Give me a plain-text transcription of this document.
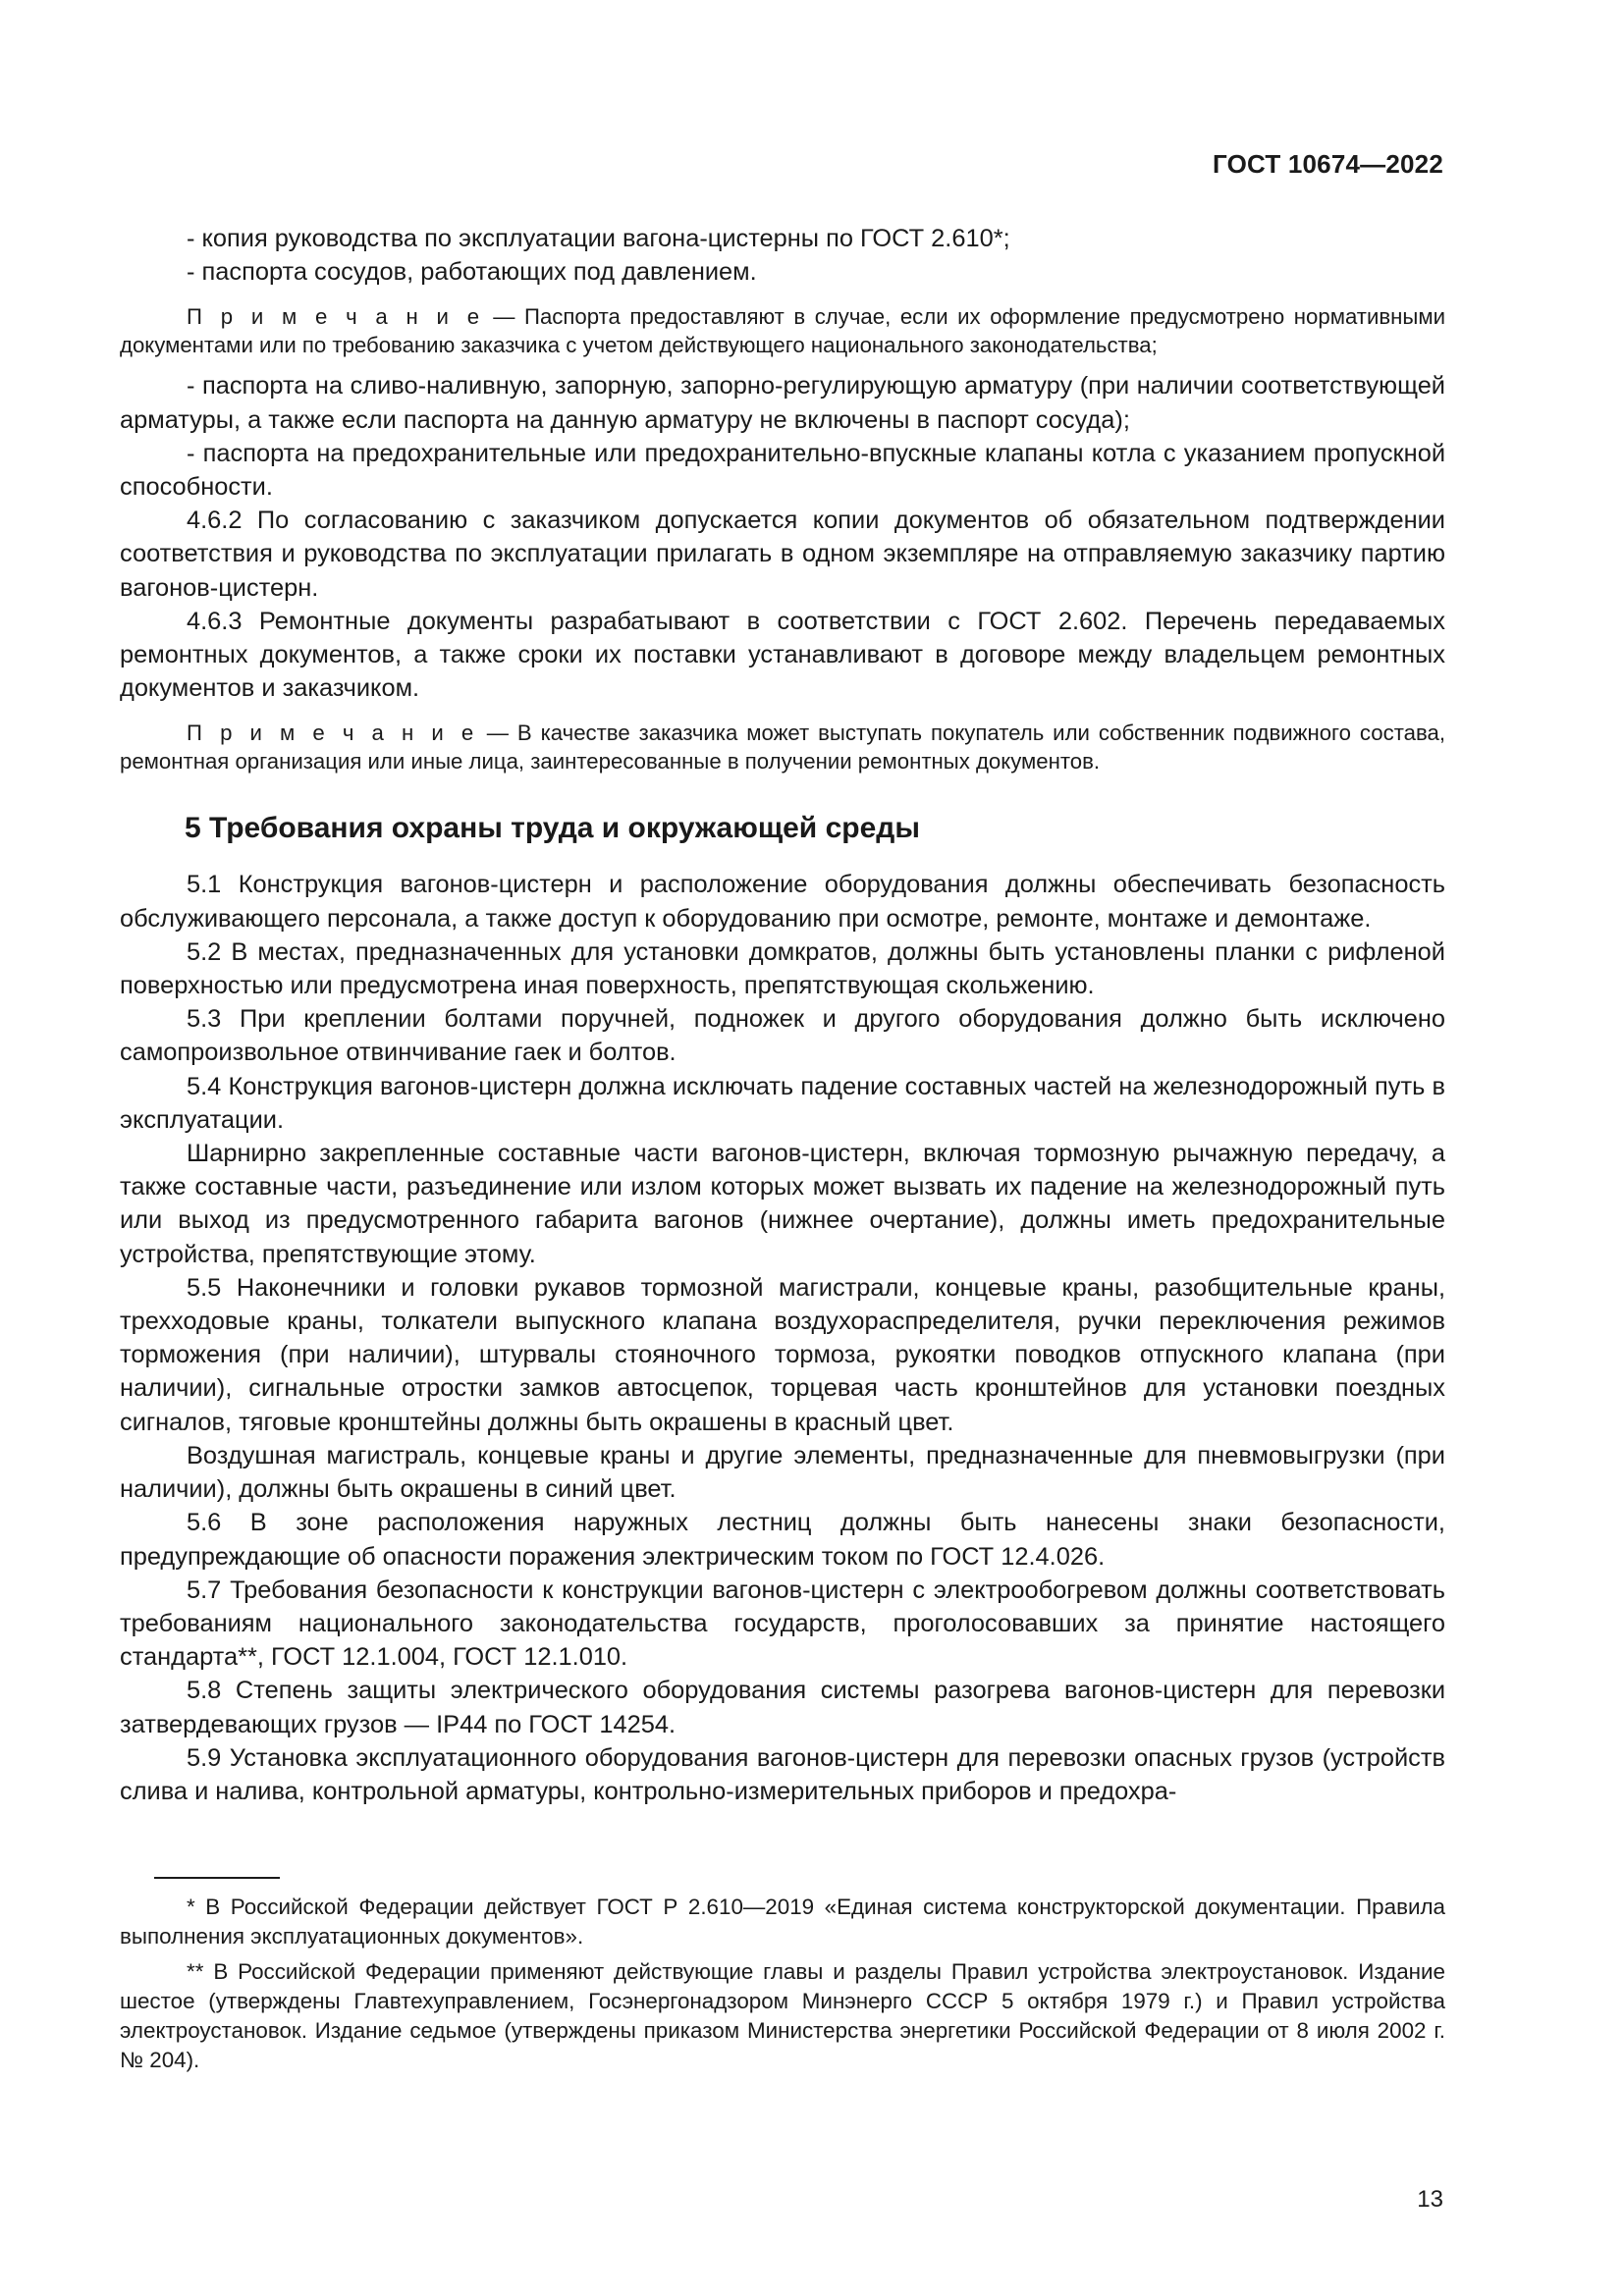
ГОСТ 10674—2022

- копия руководства по эксплуатации вагона-цистерны по ГОСТ 2.610*;

- паспорта сосудов, работающих под давлением.

П р и м е ч а н и е — Паспорта предоставляют в случае, если их оформление предусмотрено нормативными документами или по требованию заказчика с учетом действующего национального законодательства;

- паспорта на сливо-наливную, запорную, запорно-регулирующую арматуру (при наличии соответствующей арматуры, а также если паспорта на данную арматуру не включены в паспорт сосуда);

- паспорта на предохранительные или предохранительно-впускные клапаны котла с указанием пропускной способности.

4.6.2 По согласованию с заказчиком допускается копии документов об обязательном подтверждении соответствия и руководства по эксплуатации прилагать в одном экземпляре на отправляемую заказчику партию вагонов-цистерн.

4.6.3 Ремонтные документы разрабатывают в соответствии с ГОСТ 2.602. Перечень передаваемых ремонтных документов, а также сроки их поставки устанавливают в договоре между владельцем ремонтных документов и заказчиком.

П р и м е ч а н и е — В качестве заказчика может выступать покупатель или собственник подвижного состава, ремонтная организация или иные лица, заинтересованные в получении ремонтных документов.

5 Требования охраны труда и окружающей среды

5.1 Конструкция вагонов-цистерн и расположение оборудования должны обеспечивать безопасность обслуживающего персонала, а также доступ к оборудованию при осмотре, ремонте, монтаже и демонтаже.

5.2 В местах, предназначенных для установки домкратов, должны быть установлены планки с рифленой поверхностью или предусмотрена иная поверхность, препятствующая скольжению.

5.3 При креплении болтами поручней, подножек и другого оборудования должно быть исключено самопроизвольное отвинчивание гаек и болтов.

5.4 Конструкция вагонов-цистерн должна исключать падение составных частей на железнодорожный путь в эксплуатации.

Шарнирно закрепленные составные части вагонов-цистерн, включая тормозную рычажную передачу, а также составные части, разъединение или излом которых может вызвать их падение на железнодорожный путь или выход из предусмотренного габарита вагонов (нижнее очертание), должны иметь предохранительные устройства, препятствующие этому.

5.5 Наконечники и головки рукавов тормозной магистрали, концевые краны, разобщительные краны, трехходовые краны, толкатели выпускного клапана воздухораспределителя, ручки переключения режимов торможения (при наличии), штурвалы стояночного тормоза, рукоятки поводков отпускного клапана (при наличии), сигнальные отростки замков автосцепок, торцевая часть кронштейнов для установки поездных сигналов, тяговые кронштейны должны быть окрашены в красный цвет.

Воздушная магистраль, концевые краны и другие элементы, предназначенные для пневмовыгрузки (при наличии), должны быть окрашены в синий цвет.

5.6 В зоне расположения наружных лестниц должны быть нанесены знаки безопасности, предупреждающие об опасности поражения электрическим током по ГОСТ 12.4.026.

5.7 Требования безопасности к конструкции вагонов-цистерн с электрообогревом должны соответствовать требованиям национального законодательства государств, проголосовавших за принятие настоящего стандарта**, ГОСТ 12.1.004, ГОСТ 12.1.010.

5.8 Степень защиты электрического оборудования системы разогрева вагонов-цистерн для перевозки затвердевающих грузов — IP44 по ГОСТ 14254.

5.9 Установка эксплуатационного оборудования вагонов-цистерн для перевозки опасных грузов (устройств слива и налива, контрольной арматуры, контрольно-измерительных приборов и предохра-

* В Российской Федерации действует ГОСТ Р 2.610—2019 «Единая система конструкторской документации. Правила выполнения эксплуатационных документов».

** В Российской Федерации применяют действующие главы и разделы Правил устройства электроустановок. Издание шестое (утверждены Главтехуправлением, Госэнергонадзором Минэнерго СССР 5 октября 1979 г.) и Правил устройства электроустановок. Издание седьмое (утверждены приказом Министерства энергетики Российской Федерации от 8 июля 2002 г. № 204).

13
